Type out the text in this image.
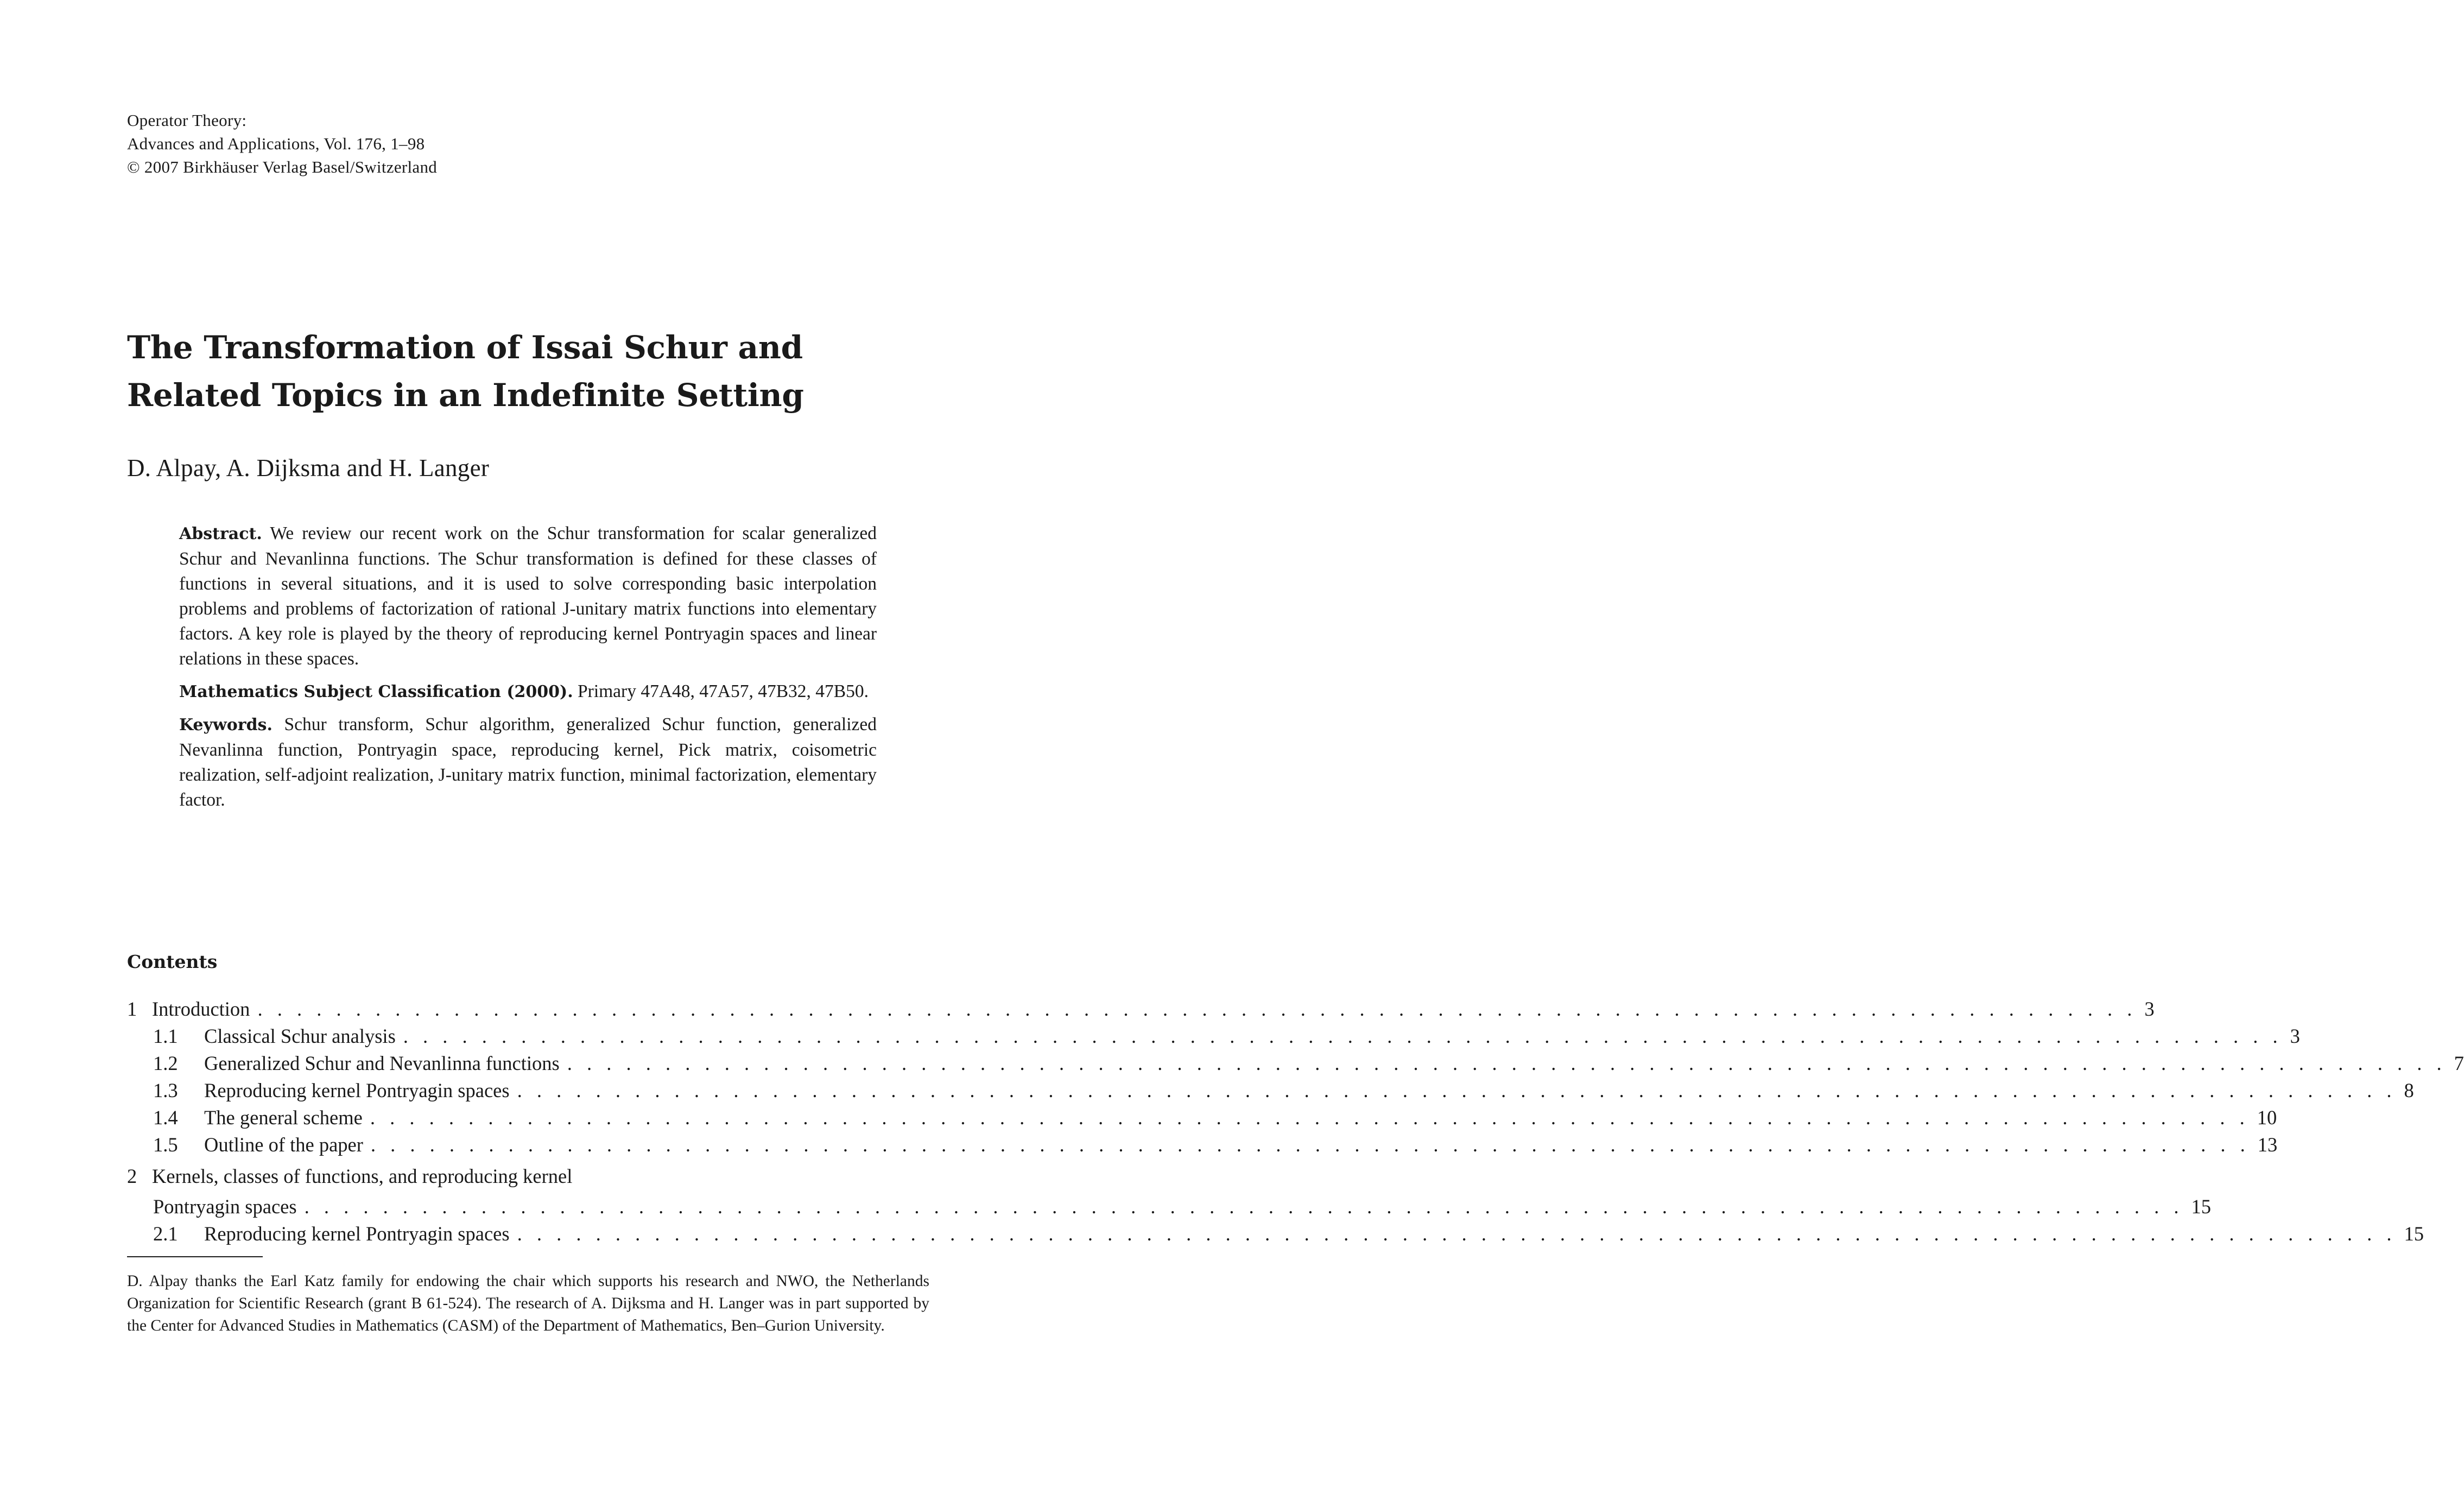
Operator Theory:
Advances and Applications, Vol. 176, 1–98
© 2007 Birkhäuser Verlag Basel/Switzerland
The Transformation of Issai Schur and
Related Topics in an Indefinite Setting
D. Alpay, A. Dijksma and H. Langer

Abstract. We review our recent work on the Schur transformation for scalar generalized Schur and Nevanlinna functions. The Schur transformation is defined for these classes of functions in several situations, and it is used to solve corresponding basic interpolation problems and problems of factorization of rational J-unitary matrix functions into elementary factors. A key role is played by the theory of reproducing kernel Pontryagin spaces and linear relations in these spaces.

Mathematics Subject Classification (2000). Primary 47A48, 47A57, 47B32, 47B50.

Keywords. Schur transform, Schur algorithm, generalized Schur function, generalized Nevanlinna function, Pontryagin space, reproducing kernel, Pick matrix, coisometric realization, self-adjoint realization, J-unitary matrix function, minimal factorization, elementary factor.

Contents
1 Introduction . . . . . . . . . . . . . . . . . . . . . . . . . . . . . . . . . . . . . . . . . . . . . . . . . . . . . . . . . . . . . . . . . . . . . . . . . . . . . . . . . . . . . . . . . . . . . . . . 3
1.1	Classical Schur analysis . . . . . . . . . . . . . . . . . . . . . . . . . . . . . . . . . . . . . . . . . . . . . . . . . . . . . . . . . . . . . . . . . . . . . . . . . . . . . . . . . . . . . . . . . . . . . . . . 3
1.2	Generalized Schur and Nevanlinna functions . . . . . . . . . . . . . . . . . . . . . . . . . . . . . . . . . . . . . . . . . . . . . . . . . . . . . . . . . . . . . . . . . . . . . . . . . . . . . . . . . . . . . . . . . . . . . . . . 7
1.3	Reproducing kernel Pontryagin spaces . . . . . . . . . . . . . . . . . . . . . . . . . . . . . . . . . . . . . . . . . . . . . . . . . . . . . . . . . . . . . . . . . . . . . . . . . . . . . . . . . . . . . . . . . . . . . . . . 8
1.4	The general scheme . . . . . . . . . . . . . . . . . . . . . . . . . . . . . . . . . . . . . . . . . . . . . . . . . . . . . . . . . . . . . . . . . . . . . . . . . . . . . . . . . . . . . . . . . . . . . . . . 10
1.5	Outline of the paper . . . . . . . . . . . . . . . . . . . . . . . . . . . . . . . . . . . . . . . . . . . . . . . . . . . . . . . . . . . . . . . . . . . . . . . . . . . . . . . . . . . . . . . . . . . . . . . . 13
2 Kernels, classes of functions, and reproducing kernel
Pontryagin spaces . . . . . . . . . . . . . . . . . . . . . . . . . . . . . . . . . . . . . . . . . . . . . . . . . . . . . . . . . . . . . . . . . . . . . . . . . . . . . . . . . . . . . . . . . . . . . . . . 15
2.1	Reproducing kernel Pontryagin spaces . . . . . . . . . . . . . . . . . . . . . . . . . . . . . . . . . . . . . . . . . . . . . . . . . . . . . . . . . . . . . . . . . . . . . . . . . . . . . . . . . . . . . . . . . . . . . . . . 15
D. Alpay thanks the Earl Katz family for endowing the chair which supports his research and NWO, the Netherlands Organization for Scientific Research (grant B 61-524). The research of A. Dijksma and H. Langer was in part supported by the Center for Advanced Studies in Mathematics (CASM) of the Department of Mathematics, Ben–Gurion University.
